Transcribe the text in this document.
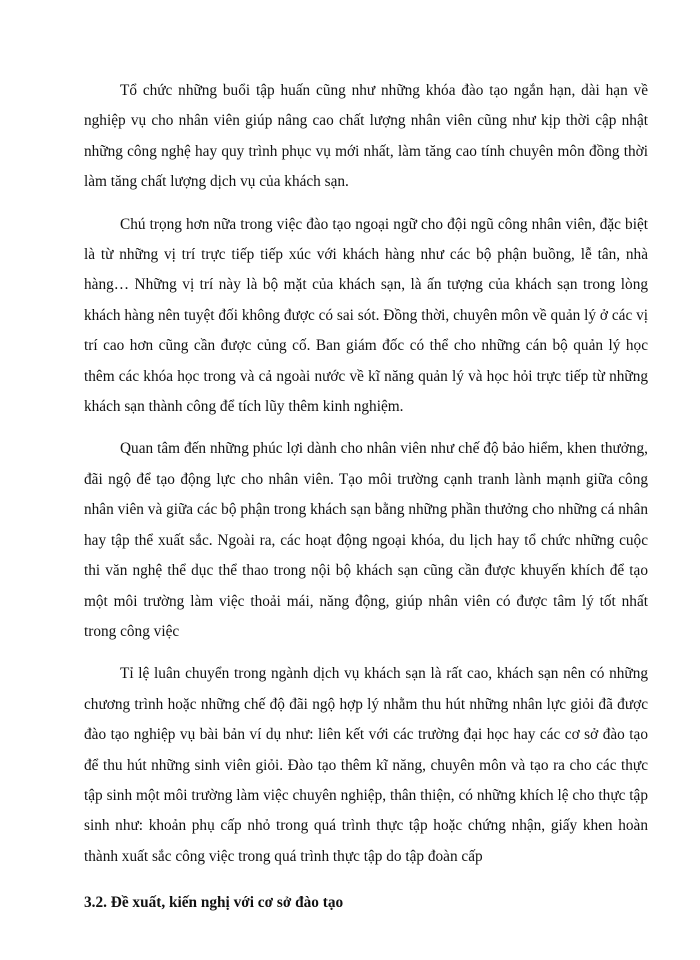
Tổ chức những buổi tập huấn cũng như những khóa đào tạo ngắn hạn, dài hạn về nghiệp vụ cho nhân viên giúp nâng cao chất lượng nhân viên cũng như kịp thời cập nhật những công nghệ hay quy trình phục vụ mới nhất, làm tăng cao tính chuyên môn đồng thời làm tăng chất lượng dịch vụ của khách sạn.

Chú trọng hơn nữa trong việc đào tạo ngoại ngữ cho đội ngũ công nhân viên, đặc biệt là từ những vị trí trực tiếp tiếp xúc với khách hàng như các bộ phận buồng, lễ tân, nhà hàng… Những vị trí này là bộ mặt của khách sạn, là ấn tượng của khách sạn trong lòng khách hàng nên tuyệt đối không được có sai sót. Đồng thời, chuyên môn về quản lý ở các vị trí cao hơn cũng cần được củng cố. Ban giám đốc có thể cho những cán bộ quản lý học thêm các khóa học trong và cả ngoài nước về kĩ năng quản lý và học hỏi trực tiếp từ những khách sạn thành công để tích lũy thêm kinh nghiệm.

Quan tâm đến những phúc lợi dành cho nhân viên như chế độ bảo hiểm, khen thưởng, đãi ngộ để tạo động lực cho nhân viên. Tạo môi trường cạnh tranh lành mạnh giữa công nhân viên và giữa các bộ phận trong khách sạn bằng những phần thưởng cho những cá nhân hay tập thể xuất sắc. Ngoài ra, các hoạt động ngoại khóa, du lịch hay tổ chức những cuộc thi văn nghệ thể dục thể thao trong nội bộ khách sạn cũng cần được khuyến khích để tạo một môi trường làm việc thoải mái, năng động, giúp nhân viên có được tâm lý tốt nhất trong công việc

Tỉ lệ luân chuyển trong ngành dịch vụ khách sạn là rất cao, khách sạn nên có những chương trình hoặc những chế độ đãi ngộ hợp lý nhằm thu hút những nhân lực giỏi đã được đào tạo nghiệp vụ bài bản ví dụ như: liên kết với các trường đại học hay các cơ sở đào tạo để thu hút những sinh viên giỏi. Đào tạo thêm kĩ năng, chuyên môn và tạo ra cho các thực tập sinh một môi trường làm việc chuyên nghiệp, thân thiện, có những khích lệ cho thực tập sinh như: khoản phụ cấp nhỏ trong quá trình thực tập hoặc chứng nhận, giấy khen hoàn thành xuất sắc công việc trong quá trình thực tập do tập đoàn cấp

3.2. Đề xuất, kiến nghị với cơ sở đào tạo
